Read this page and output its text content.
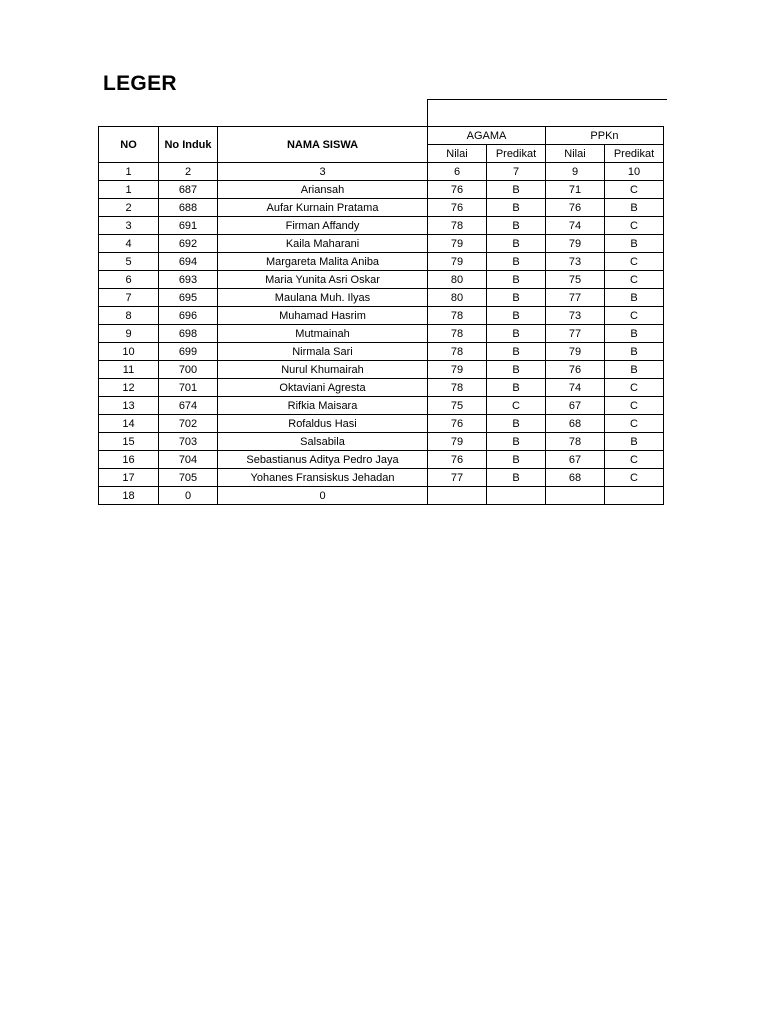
LEGER
NO	No Induk	NAMA SISWA	AGAMA		PPKn	
			Nilai	Predikat	Nilai	Predikat
1	2	3	6	7	9	10
1	687	Ariansah	76	B	71	C
2	688	Aufar Kurnain Pratama	76	B	76	B
3	691	Firman Affandy	78	B	74	C
4	692	Kaila Maharani	79	B	79	B
5	694	Margareta Malita Aniba	79	B	73	C
6	693	Maria Yunita Asri Oskar	80	B	75	C
7	695	Maulana Muh. Ilyas	80	B	77	B
8	696	Muhamad Hasrim	78	B	73	C
9	698	Mutmainah	78	B	77	B
10	699	Nirmala Sari	78	B	79	B
11	700	Nurul Khumairah	79	B	76	B
12	701	Oktaviani Agresta	78	B	74	C
13	674	Rifkia Maisara	75	C	67	C
14	702	Rofaldus Hasi	76	B	68	C
15	703	Salsabila	79	B	78	B
16	704	Sebastianus Aditya Pedro Jaya	76	B	67	C
17	705	Yohanes Fransiskus Jehadan	77	B	68	C
18	0	0				
